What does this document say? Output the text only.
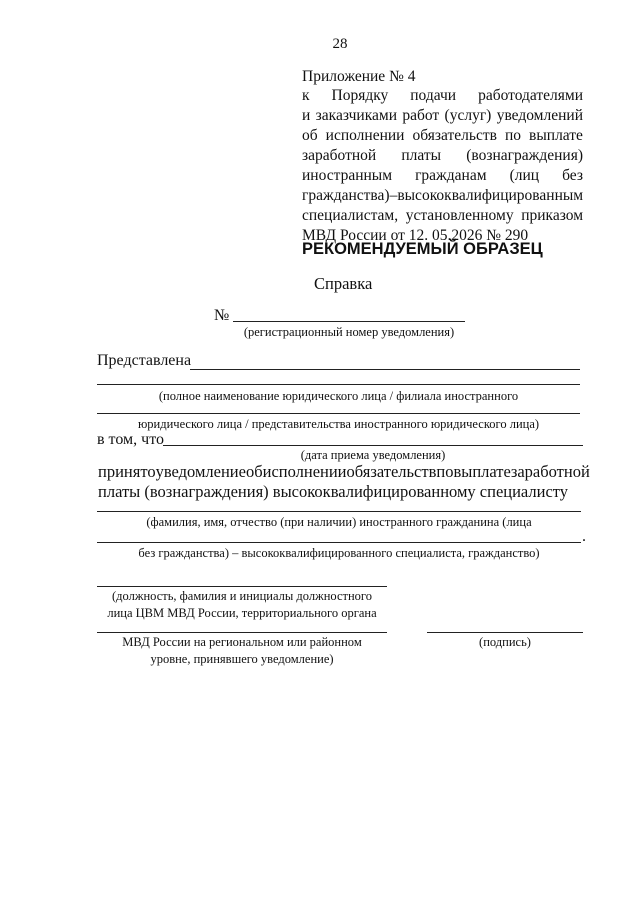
28
Приложение № 4
к Порядку подачи работодателями
и заказчиками работ (услуг) уведомлений
об исполнении обязательств по выплате
заработной платы (вознаграждения)
иностранным гражданам (лиц без
гражданства) – высококвалифицированным
специалистам, установленному приказом
МВД России от 12. 05.2026 № 290
РЕКОМЕНДУЕМЫЙ ОБРАЗЕЦ
Справка
№
(регистрационный номер уведомления)
Представлена
(полное наименование юридического лица / филиала иностранного
юридического лица / представительства иностранного юридического лица)
в том, что
(дата приема уведомления)
принято уведомление об исполнении обязательств по выплате заработной
платы (вознаграждения) высококвалифицированному специалисту
(фамилия, имя, отчество (при наличии) иностранного гражданина (лица
.
без гражданства) – высококвалифицированного специалиста, гражданство)
(должность, фамилия и инициалы должностного
лица ЦВМ МВД России, территориального органа
МВД России на региональном или районном
уровне, принявшего уведомление)
(подпись)
